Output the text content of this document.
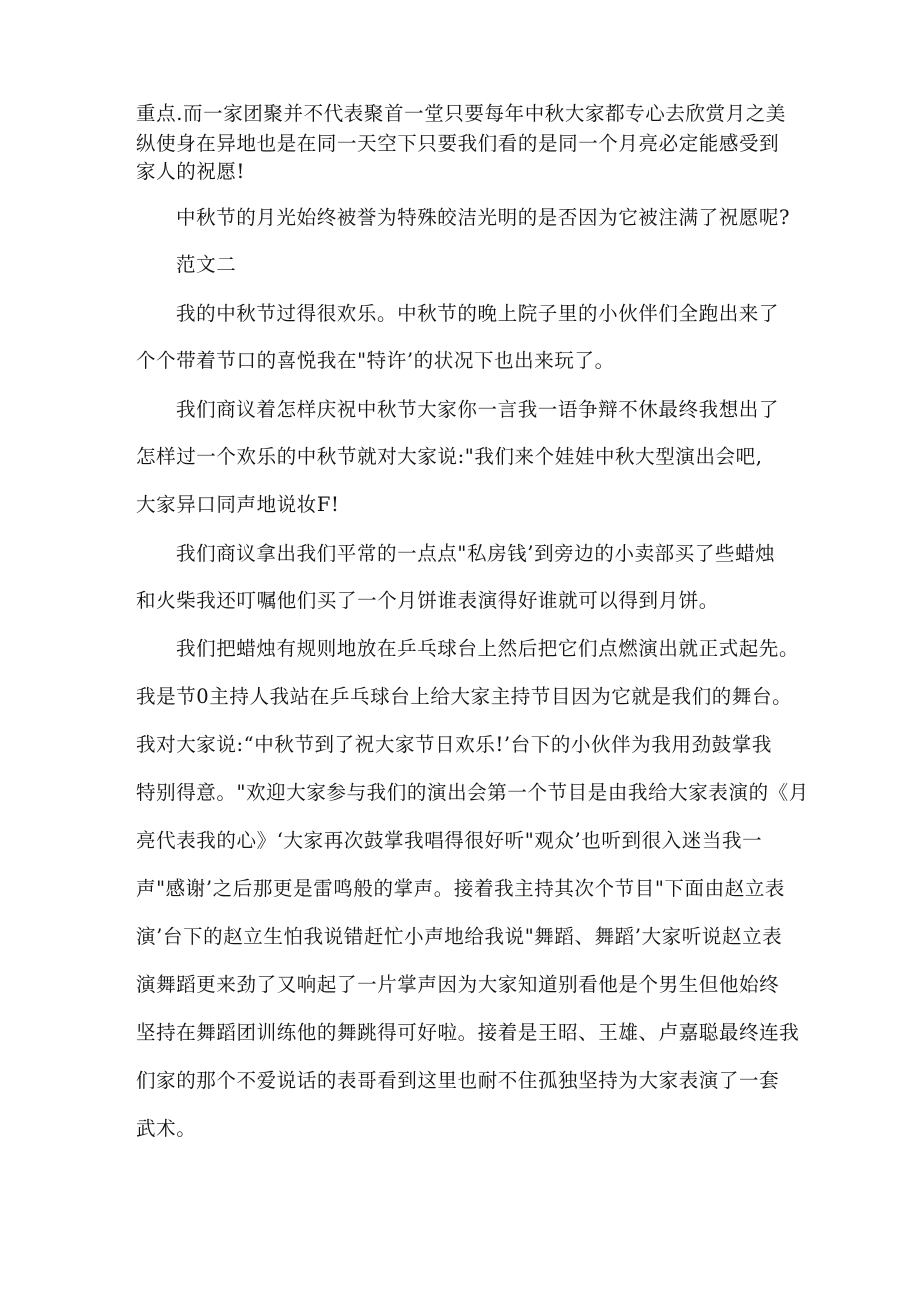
重点.而一家团聚并不代表聚首一堂只要每年中秋大家都专心去欣赏月之美
纵使身在异地也是在同一天空下只要我们看的是同一个月亮必定能感受到
家人的祝愿!
中秋节的月光始终被誉为特殊皎洁光明的是否因为它被注满了祝愿呢?
范文二
我的中秋节过得很欢乐。中秋节的晚上院子里的小伙伴们全跑出来了
个个带着节口的喜悦我在"特许’的状况下也出来玩了。
我们商议着怎样庆祝中秋节大家你一言我一语争辩不休最终我想出了
怎样过一个欢乐的中秋节就对大家说:"我们来个娃娃中秋大型演出会吧,
大家异口同声地说妆F!
我们商议拿出我们平常的一点点"私房钱’到旁边的小卖部买了些蜡烛
和火柴我还叮嘱他们买了一个月饼谁表演得好谁就可以得到月饼。
我们把蜡烛有规则地放在乒乓球台上然后把它们点燃演出就正式起先。
我是节0主持人我站在乒乓球台上给大家主持节目因为它就是我们的舞台。
我对大家说:“中秋节到了祝大家节日欢乐!’台下的小伙伴为我用劲鼓掌我
特别得意。"欢迎大家参与我们的演出会第一个节目是由我给大家表演的《月
亮代表我的心》‘大家再次鼓掌我唱得很好听"观众’也听到很入迷当我一
声"感谢’之后那更是雷鸣般的掌声。接着我主持其次个节目"下面由赵立表
演’台下的赵立生怕我说错赶忙小声地给我说"舞蹈、舞蹈’大家听说赵立表
演舞蹈更来劲了又响起了一片掌声因为大家知道别看他是个男生但他始终
坚持在舞蹈团训练他的舞跳得可好啦。接着是王昭、王雄、卢嘉聪最终连我
们家的那个不爱说话的表哥看到这里也耐不住孤独坚持为大家表演了一套
武术。
